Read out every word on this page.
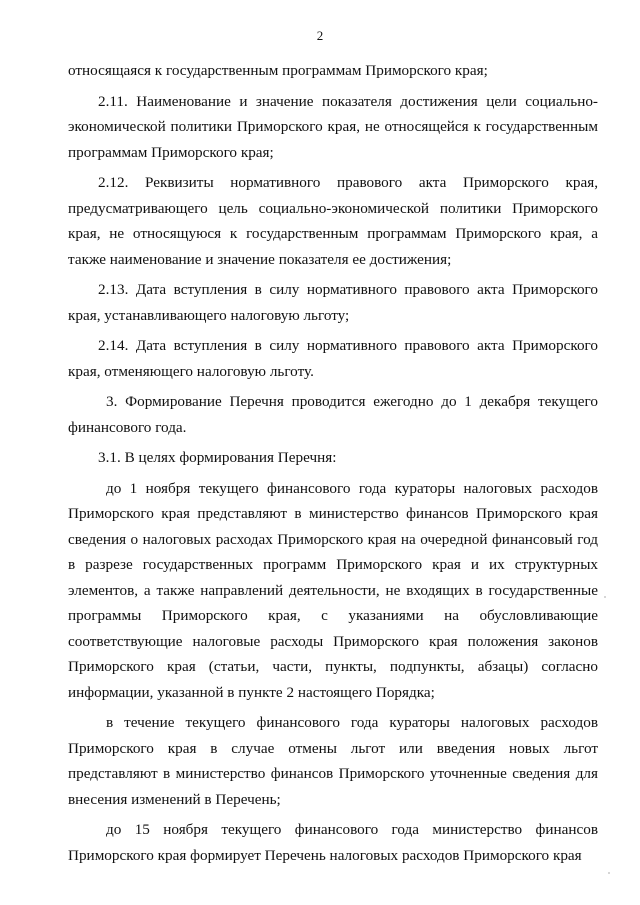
2

относящаяся к государственным программам Приморского края;

2.11. Наименование и значение показателя достижения цели социально-экономической политики Приморского края, не относящейся к государственным программам Приморского края;

2.12. Реквизиты нормативного правового акта Приморского края, предусматривающего цель социально-экономической политики Приморского края, не относящуюся к государственным программам Приморского края, а также наименование и значение показателя ее достижения;

2.13. Дата вступления в силу нормативного правового акта Приморского края, устанавливающего налоговую льготу;

2.14. Дата вступления в силу нормативного правового акта Приморского края, отменяющего налоговую льготу.

3. Формирование Перечня проводится ежегодно до 1 декабря текущего финансового года.

3.1. В целях формирования Перечня:

до 1 ноября текущего финансового года кураторы налоговых расходов Приморского края представляют в министерство финансов Приморского края сведения о налоговых расходах Приморского края на очередной финансовый год в разрезе государственных программ Приморского края и их структурных элементов, а также направлений деятельности, не входящих в государственные программы Приморского края, с указаниями на обусловливающие соответствующие налоговые расходы Приморского края положения законов Приморского края (статьи, части, пункты, подпункты, абзацы) согласно информации, указанной в пункте 2 настоящего Порядка;

в течение текущего финансового года кураторы налоговых расходов Приморского края в случае отмены льгот или введения новых льгот представляют в министерство финансов Приморского уточненные сведения для внесения изменений в Перечень;

до 15 ноября текущего финансового года министерство финансов Приморского края формирует Перечень налоговых расходов Приморского края
